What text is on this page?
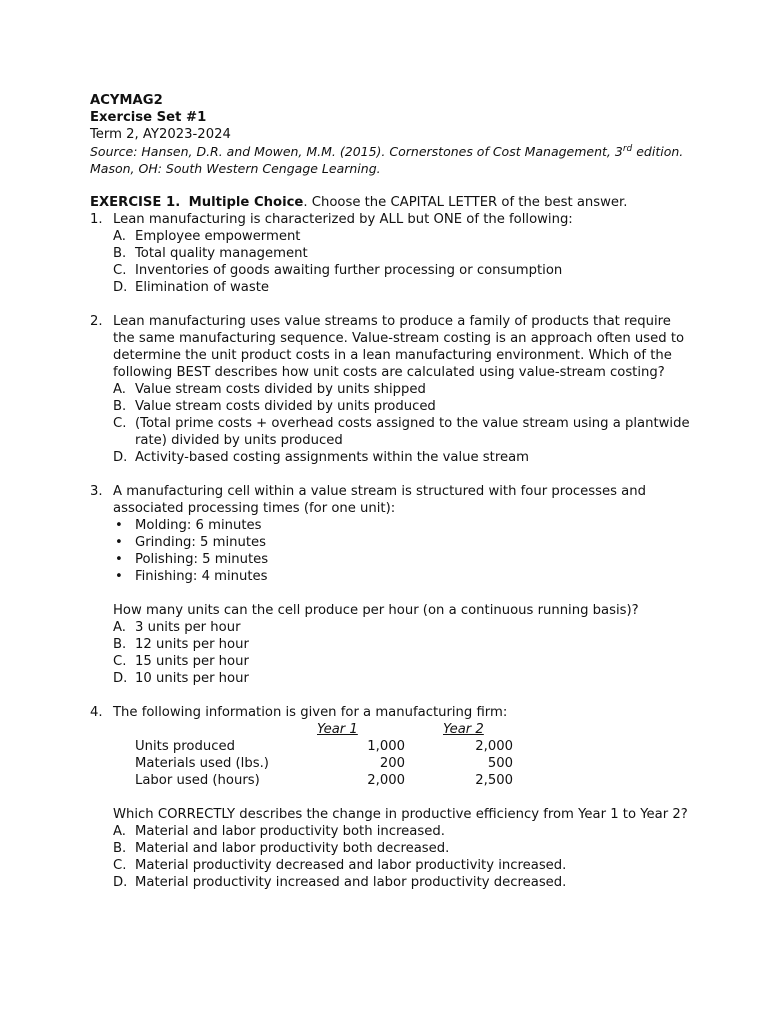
ACYMAG2
Exercise Set #1
Term 2, AY2023-2024
Source: Hansen, D.R. and Mowen, M.M. (2015). Cornerstones of Cost Management, 3rd edition. Mason, OH: South Western Cengage Learning.
EXERCISE 1. Multiple Choice. Choose the CAPITAL LETTER of the best answer.
1. Lean manufacturing is characterized by ALL but ONE of the following:
A. Employee empowerment
B. Total quality management
C. Inventories of goods awaiting further processing or consumption
D. Elimination of waste
2. Lean manufacturing uses value streams to produce a family of products that require the same manufacturing sequence. Value-stream costing is an approach often used to determine the unit product costs in a lean manufacturing environment. Which of the following BEST describes how unit costs are calculated using value-stream costing?
A. Value stream costs divided by units shipped
B. Value stream costs divided by units produced
C. (Total prime costs + overhead costs assigned to the value stream using a plantwide rate) divided by units produced
D. Activity-based costing assignments within the value stream
3. A manufacturing cell within a value stream is structured with four processes and associated processing times (for one unit):
• Molding: 6 minutes
• Grinding: 5 minutes
• Polishing: 5 minutes
• Finishing: 4 minutes
How many units can the cell produce per hour (on a continuous running basis)?
A. 3 units per hour
B. 12 units per hour
C. 15 units per hour
D. 10 units per hour
4. The following information is given for a manufacturing firm:
	Year 1	Year 2
Units produced	1,000	2,000
Materials used (lbs.)	200	500
Labor used (hours)	2,000	2,500
Which CORRECTLY describes the change in productive efficiency from Year 1 to Year 2?
A. Material and labor productivity both increased.
B. Material and labor productivity both decreased.
C. Material productivity decreased and labor productivity increased.
D. Material productivity increased and labor productivity decreased.
